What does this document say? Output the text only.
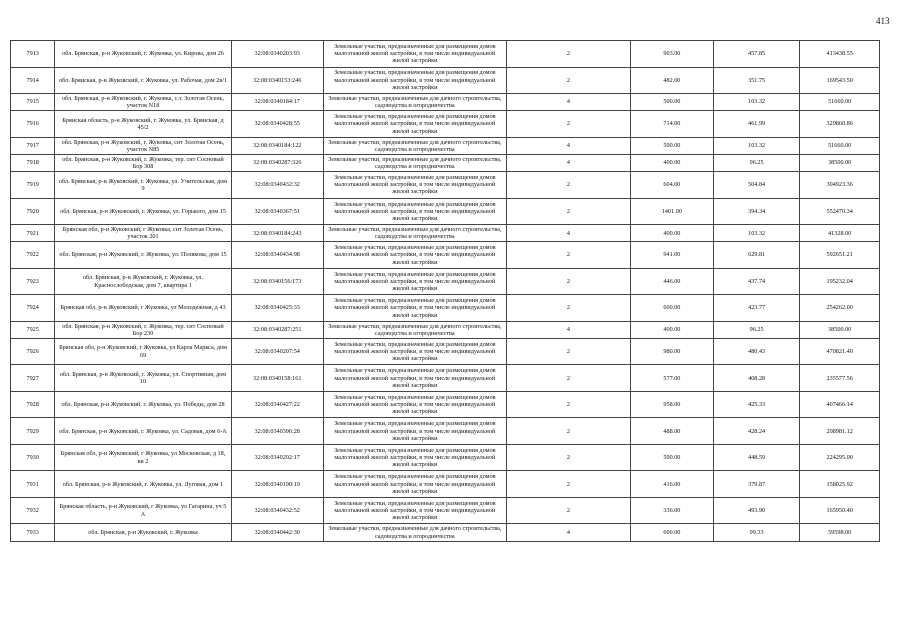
413
7913	обл. Брянская, р-н Жуковский, г. Жуковка, ул. Кирова, дом 26	32:08:0340203:93	Земельные участки, предназначенные для размещения домов малоэтажной жилой застройки, в том числе индивидуальной жилой застройки	2	903.00	457.85	413438.55
7914	обл. Брянская, р-н Жуковский, г. Жуковка, ул. Рабочая, дом 2в/1	32:08:0340153:246	Земельные участки, предназначенные для размещения домов малоэтажной жилой застройки, в том числе индивидуальной жилой застройки	2	482.00	351.75	169543.50
7915	обл. Брянская, р-н Жуковский, г. Жуковка, с.т. Золотая Осень, участок N18	32:08:0340184:17	Земельные участки, предназначенные для дачного строительства, садоводства и огородничества	4	500.00	103.32	51660.00
7916	Брянская область, р-н Жуковский, г. Жуковка, ул. Брянская, д 45/2	32:08:0340428:55	Земельные участки, предназначенные для размещения домов малоэтажной жилой застройки, в том числе индивидуальной жилой застройки	2	714.00	461.99	329860.86
7917	обл. Брянская, р-н Жуковский, г. Жуковка, снт Золотая Осень, участок N85	32:08:0340184:122	Земельные участки, предназначенные для дачного строительства, садоводства и огородничества	4	500.00	103.32	51660.00
7918	обл. Брянская, р-н Жуковский, г. Жуковка, тер. снт Сосновый Бор 308	32:08:0340287:326	Земельные участки, предназначенные для дачного строительства, садоводства и огородничества	4	400.00	96.25	38500.00
7919	обл. Брянская, р-н Жуковский, г. Жуковка, ул. Учительская, дом 9	32:08:0340432:32	Земельные участки, предназначенные для размещения домов малоэтажной жилой застройки, в том числе индивидуальной жилой застройки	2	604.00	504.84	304923.36
7920	обл. Брянская, р-н Жуковский, г. Жуковка, ул. Горького, дом 15	32:08:0340367:51	Земельные участки, предназначенные для размещения домов малоэтажной жилой застройки, в том числе индивидуальной жилой застройки	2	1401.00	394.34	552470.34
7921	Брянская обл, р-н Жуковский, г Жуковка, снт Золотая Осень, участок 201	32:08:0340184:243	Земельные участки, предназначенные для дачного строительства, садоводства и огородничества	4	400.00	103.32	41328.00
7922	обл. Брянская, р-н Жуковский, г. Жуковка, ул. Полякова, дом 15	32:08:0340434:98	Земельные участки, предназначенные для размещения домов малоэтажной жилой застройки, в том числе индивидуальной жилой застройки	2	941.00	629.81	592651.21
7923	обл. Брянская, р-н Жуковский, г. Жуковка, ул. Краснослободская, дом 7, квартира 1	32:08:0340156:173	Земельные участки, предназначенные для размещения домов малоэтажной жилой застройки, в том числе индивидуальной жилой застройки	2	446.00	437.74	195232.04
7924	Брянская обл, р-н Жуковский, г Жуковка, ул Молодежная, д 43	32:08:0340425:33	Земельные участки, предназначенные для размещения домов малоэтажной жилой застройки, в том числе индивидуальной жилой застройки	2	600.00	423.77	254262.00
7925	обл. Брянская, р-н Жуковский, г. Жуковка, тер. снт Сосновый Бор 230	32:08:0340287:251	Земельные участки, предназначенные для дачного строительства, садоводства и огородничества	4	400.00	96.25	38500.00
7926	Брянская обл, р-н Жуковский, г Жуковка, ул Карла Маркса, дом 69	32:08:0340207:54	Земельные участки, предназначенные для размещения домов малоэтажной жилой застройки, в том числе индивидуальной жилой застройки	2	980.00	480.43	470821.40
7927	обл. Брянская, р-н Жуковский, г. Жуковка, ул. Спортивная, дом 10	32:08:0340158:161	Земельные участки, предназначенные для размещения домов малоэтажной жилой застройки, в том числе индивидуальной жилой застройки	2	577.00	408.28	235577.56
7928	обл. Брянская, р-н Жуковский, г. Жуковка, ул. Победы, дом 28	32:08:0340427:22	Земельные участки, предназначенные для размещения домов малоэтажной жилой застройки, в том числе индивидуальной жилой застройки	2	958.00	425.33	407466.14
7929	обл. Брянская, р-н Жуковский, г. Жуковка, ул. Садовая, дом 6-А	32:08:0340396:28	Земельные участки, предназначенные для размещения домов малоэтажной жилой застройки, в том числе индивидуальной жилой застройки	2	488.00	428.24	208981.12
7930	Брянская обл, р-н Жуковский, г Жуковка, ул Московская, д 18, кв 2	32:08:0340202:17	Земельные участки, предназначенные для размещения домов малоэтажной жилой застройки, в том числе индивидуальной жилой застройки	2	500.00	448.59	224295.00
7931	обл. Брянская, р-н Жуковский, г. Жуковка, ул. Луговая, дом 1	32:08:0340190:19	Земельные участки, предназначенные для размещения домов малоэтажной жилой застройки, в том числе индивидуальной жилой застройки	2	416.00	379.87	158025.92
7932	Брянская область, р-н Жуковский, г Жуковка, ул Гагарина, уч 5 А	32:08:0340432:52	Земельные участки, предназначенные для размещения домов малоэтажной жилой застройки, в том числе индивидуальной жилой застройки	2	336.00	493.90	165950.40
7933	обл. Брянская, р-н Жуковский, г. Жуковка	32:08:0340442:30	Земельные участки, предназначенные для дачного строительства, садоводства и огородничества	4	600.00	99.33	59598.00
